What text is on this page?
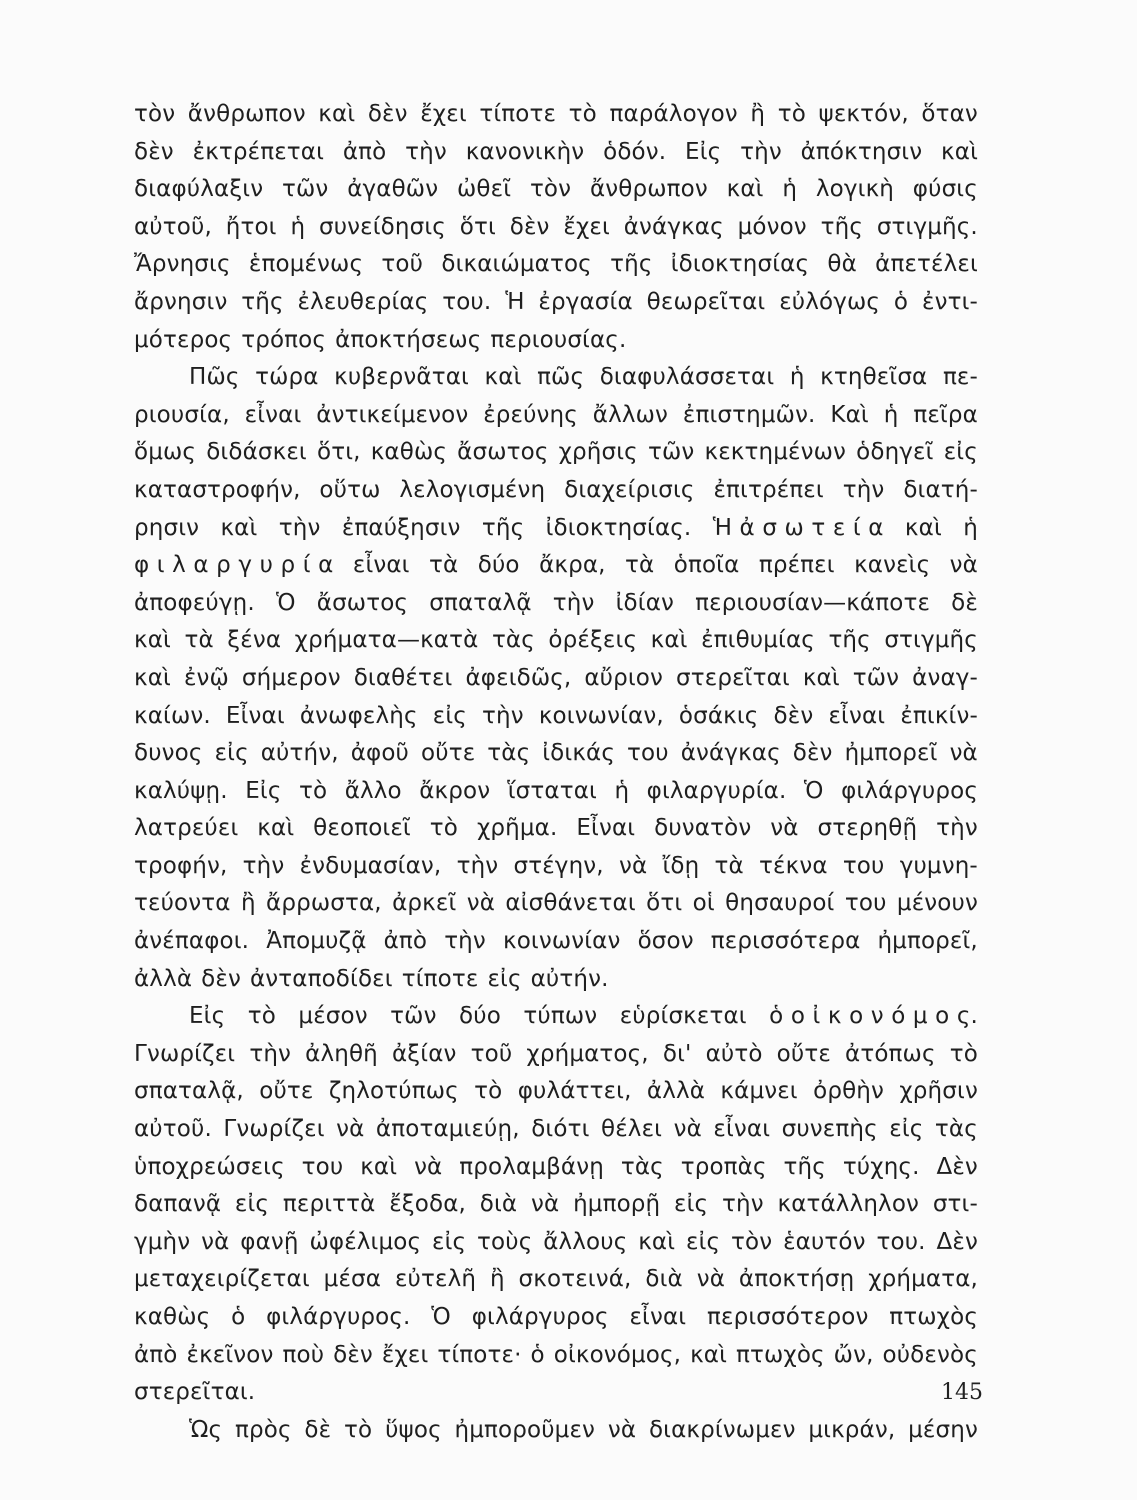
τὸν ἄνθρωπον καὶ δὲν ἔχει τίποτε τὸ παράλογον ἢ τὸ ψεκτόν, ὅταν
δὲν ἐκτρέπεται ἀπὸ τὴν κανονικὴν ὁδόν. Εἰς τὴν ἀπόκτησιν καὶ
διαφύλαξιν τῶν ἀγαθῶν ὠθεῖ τὸν ἄνθρωπον καὶ ἡ λογικὴ φύσις
αὐτοῦ, ἤτοι ἡ συνείδησις ὅτι δὲν ἔχει ἀνάγκας μόνον τῆς στιγμῆς.
Ἄρνησις ἑπομένως τοῦ δικαιώματος τῆς ἰδιοκτησίας θὰ ἀπετέλει
ἄρνησιν τῆς ἐλευθερίας του. Ἡ ἐργασία θεωρεῖται εὐλόγως ὁ ἐντι-
μότερος τρόπος ἀποκτήσεως περιουσίας.
Πῶς τώρα κυβερνᾶται καὶ πῶς διαφυλάσσεται ἡ κτηθεῖσα πε-
ριουσία, εἶναι ἀντικείμενον ἐρεύνης ἄλλων ἐπιστημῶν. Καὶ ἡ πεῖρα
ὅμως διδάσκει ὅτι, καθὼς ἄσωτος χρῆσις τῶν κεκτημένων ὁδηγεῖ εἰς
καταστροφήν, οὕτω λελογισμένη διαχείρισις ἐπιτρέπει τὴν διατή-
ρησιν καὶ τὴν ἐπαύξησιν τῆς ἰδιοκτησίας. Ἡ ἀ σ ω τ ε ί α καὶ ἡ
φ ι λ α ρ γ υ ρ ί α εἶναι τὰ δύο ἄκρα, τὰ ὁποῖα πρέπει κανεὶς νὰ
ἀποφεύγῃ. Ὁ ἄσωτος σπαταλᾷ τὴν ἰδίαν περιουσίαν—κάποτε δὲ
καὶ τὰ ξένα χρήματα—κατὰ τὰς ὀρέξεις καὶ ἐπιθυμίας τῆς στιγμῆς
καὶ ἐνῷ σήμερον διαθέτει ἀφειδῶς, αὔριον στερεῖται καὶ τῶν ἀναγ-
καίων. Εἶναι ἀνωφελὴς εἰς τὴν κοινωνίαν, ὁσάκις δὲν εἶναι ἐπικίν-
δυνος εἰς αὐτήν, ἀφοῦ οὔτε τὰς ἰδικάς του ἀνάγκας δὲν ἠμπορεῖ νὰ
καλύψῃ. Εἰς τὸ ἄλλο ἄκρον ἵσταται ἡ φιλαργυρία. Ὁ φιλάργυρος
λατρεύει καὶ θεοποιεῖ τὸ χρῆμα. Εἶναι δυνατὸν νὰ στερηθῇ τὴν
τροφήν, τὴν ἐνδυμασίαν, τὴν στέγην, νὰ ἴδῃ τὰ τέκνα του γυμνη-
τεύοντα ἢ ἄρρωστα, ἀρκεῖ νὰ αἰσθάνεται ὅτι οἱ θησαυροί του μένουν
ἀνέπαφοι. Ἀπομυζᾷ ἀπὸ τὴν κοινωνίαν ὅσον περισσότερα ἠμπορεῖ,
ἀλλὰ δὲν ἀνταποδίδει τίποτε εἰς αὐτήν.
Εἰς τὸ μέσον τῶν δύο τύπων εὑρίσκεται ὁ ο ἰ κ ο ν ό μ ο ς.
Γνωρίζει τὴν ἀληθῆ ἀξίαν τοῦ χρήματος, δι' αὐτὸ οὔτε ἀτόπως τὸ
σπαταλᾷ, οὔτε ζηλοτύπως τὸ φυλάττει, ἀλλὰ κάμνει ὀρθὴν χρῆσιν
αὐτοῦ. Γνωρίζει νὰ ἀποταμιεύῃ, διότι θέλει νὰ εἶναι συνεπὴς εἰς τὰς
ὑποχρεώσεις του καὶ νὰ προλαμβάνῃ τὰς τροπὰς τῆς τύχης. Δὲν
δαπανᾷ εἰς περιττὰ ἔξοδα, διὰ νὰ ἠμπορῇ εἰς τὴν κατάλληλον στι-
γμὴν νὰ φανῇ ὠφέλιμος εἰς τοὺς ἄλλους καὶ εἰς τὸν ἑαυτόν του. Δὲν
μεταχειρίζεται μέσα εὐτελῆ ἢ σκοτεινά, διὰ νὰ ἀποκτήσῃ χρήματα,
καθὼς ὁ φιλάργυρος. Ὁ φιλάργυρος εἶναι περισσότερον πτωχὸς
ἀπὸ ἐκεῖνον ποὺ δὲν ἔχει τίποτε· ὁ οἰκονόμος, καὶ πτωχὸς ὤν, οὐδενὸς
στερεῖται.
Ὡς πρὸς δὲ τὸ ὕψος ἠμποροῦμεν νὰ διακρίνωμεν μικράν, μέσην
145
